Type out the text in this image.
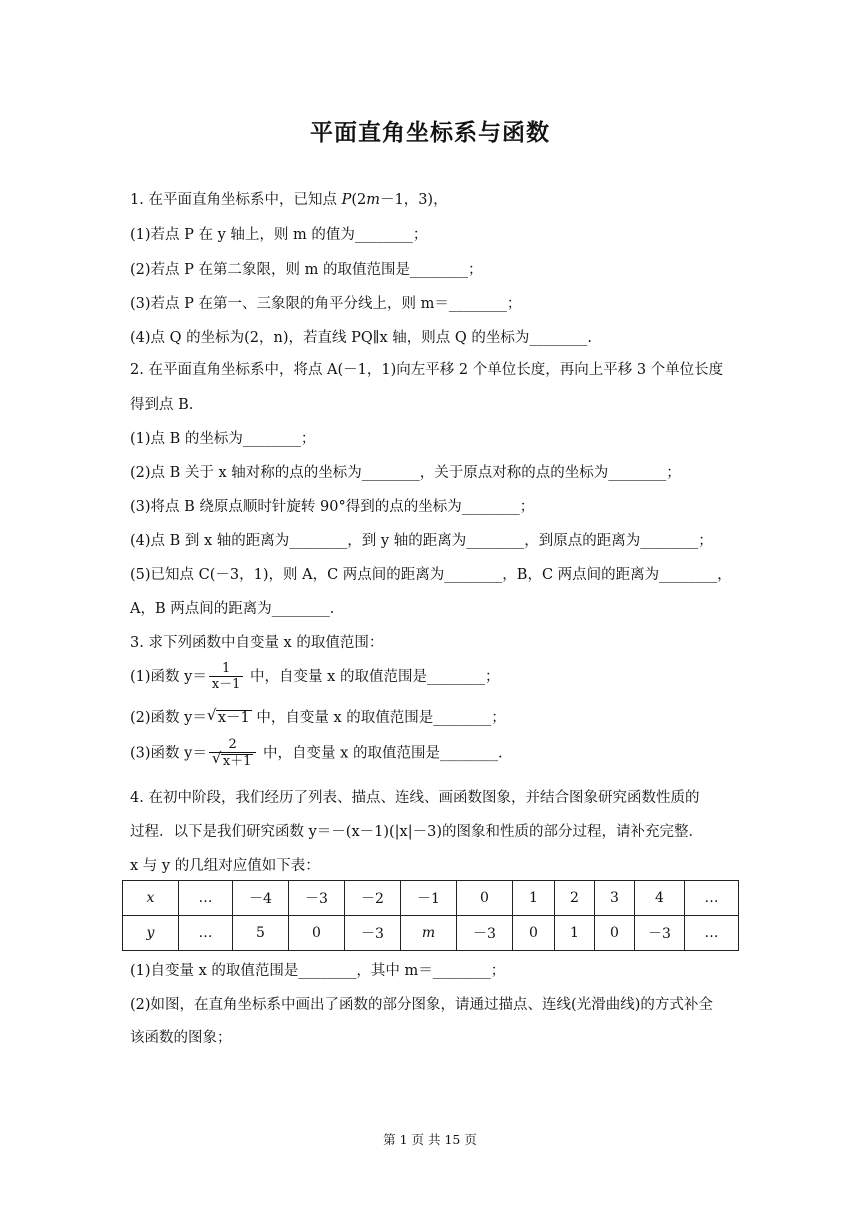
平面直角坐标系与函数
1. 在平面直角坐标系中，已知点 P(2m－1，3)，
(1)若点 P 在 y 轴上，则 m 的值为________；
(2)若点 P 在第二象限，则 m 的取值范围是________；
(3)若点 P 在第一、三象限的角平分线上，则 m＝________；
(4)点 Q 的坐标为(2，n)，若直线 PQ∥x 轴，则点 Q 的坐标为________.
2. 在平面直角坐标系中，将点 A(－1，1)向左平移 2 个单位长度，再向上平移 3 个单位长度
得到点 B.
(1)点 B 的坐标为________；
(2)点 B 关于 x 轴对称的点的坐标为________，关于原点对称的点的坐标为________；
(3)将点 B 绕原点顺时针旋转 90°得到的点的坐标为________；
(4)点 B 到 x 轴的距离为________，到 y 轴的距离为________，到原点的距离为________；
(5)已知点 C(－3，1)，则 A，C 两点间的距离为________，B，C 两点间的距离为________，
A，B 两点间的距离为________.
3. 求下列函数中自变量 x 的取值范围：
(1)函数 $y= \frac{1}{x-1}$ 中，自变量 x 的取值范围是________；
(2)函数 y＝ √ x－1 中，自变量 x 的取值范围是________；
(3)函数 $y= \frac{2}{√ x+1}$ 中，自变量 x 的取值范围是________.
4. 在初中阶段，我们经历了列表、描点、连线、画函数图象，并结合图象研究函数性质的
过程．以下是我们研究函数 y＝－(x－1)(|x|－3)的图象和性质的部分过程，请补充完整．
x 与 y 的几组对应值如下表：
x	…	－4	－3	－2	－1	0	1	2	3	4	…
y	…	5	0	－3	m	－3	0	1	0	－3	…
(1)自变量 x 的取值范围是________，其中 m＝________；
(2)如图，在直角坐标系中画出了函数的部分图象，请通过描点、连线(光滑曲线)的方式补全
该函数的图象；
第 1 页 共 15 页
